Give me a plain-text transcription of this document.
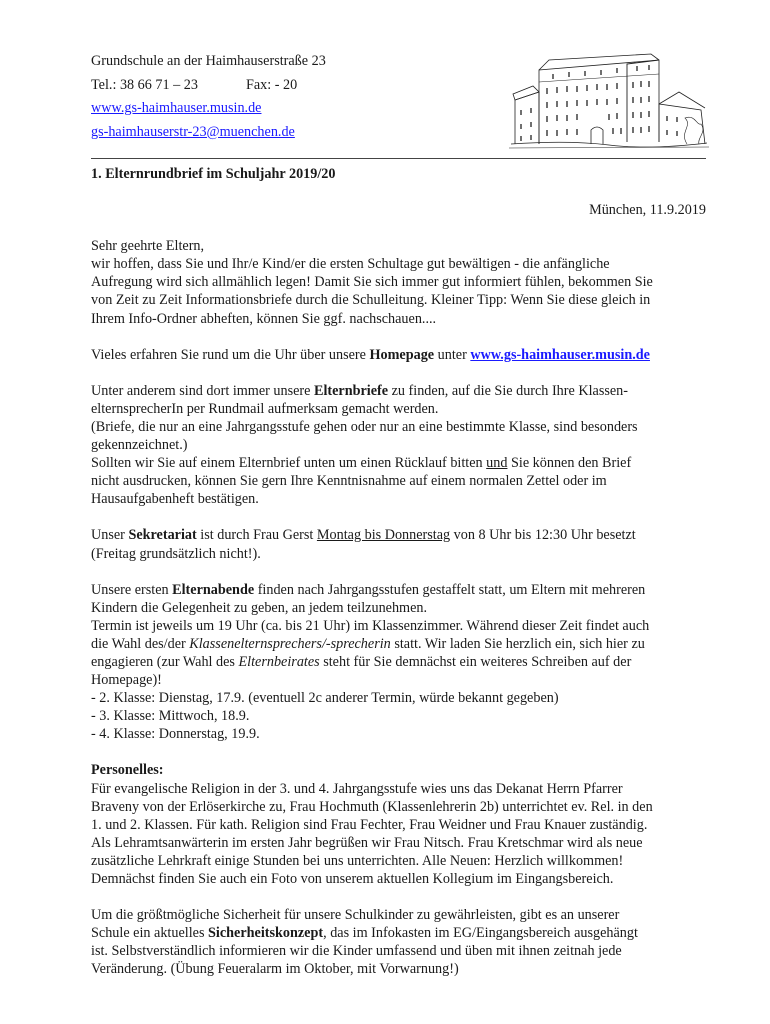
Grundschule an der Haimhauserstraße 23
Tel.: 38 66 71 – 23	Fax: - 20
www.gs-haimhauser.musin.de
gs-haimhauserstr-23@muenchen.de
1. Elternrundbrief im Schuljahr 2019/20
München, 11.9.2019

Sehr geehrte Eltern,

wir hoffen, dass Sie und Ihr/e Kind/er die ersten Schultage gut bewältigen - die anfängliche

Aufregung wird sich allmählich legen! Damit Sie sich immer gut informiert fühlen, bekommen Sie

von Zeit zu Zeit Informationsbriefe durch die Schulleitung. Kleiner Tipp: Wenn Sie diese gleich in

Ihrem Info-Ordner abheften, können Sie ggf. nachschauen....

Vieles erfahren Sie rund um die Uhr über unsere Homepage unter www.gs-haimhauser.musin.de

Unter anderem sind dort immer unsere Elternbriefe zu finden, auf die Sie durch Ihre Klassen-

elternsprecherIn per Rundmail aufmerksam gemacht werden.

(Briefe, die nur an eine Jahrgangsstufe gehen oder nur an eine bestimmte Klasse, sind besonders

gekennzeichnet.)

Sollten wir Sie auf einem Elternbrief unten um einen Rücklauf bitten und Sie können den Brief

nicht ausdrucken, können Sie gern Ihre Kenntnisnahme auf einem normalen Zettel oder im

Hausaufgabenheft bestätigen.

Unser Sekretariat ist durch Frau Gerst Montag bis Donnerstag von 8 Uhr bis 12:30 Uhr besetzt

(Freitag grundsätzlich nicht!).

Unsere ersten Elternabende finden nach Jahrgangsstufen gestaffelt statt, um Eltern mit mehreren

Kindern die Gelegenheit zu geben, an jedem teilzunehmen.

Termin ist jeweils um 19 Uhr (ca. bis 21 Uhr) im Klassenzimmer. Während dieser Zeit findet auch

die Wahl des/der Klassenelternsprechers/-sprecherin statt. Wir laden Sie herzlich ein, sich hier zu

engagieren (zur Wahl des Elternbeirates steht für Sie demnächst ein weiteres Schreiben auf der

Homepage)!

- 2. Klasse: Dienstag, 17.9. (eventuell 2c anderer Termin, würde bekannt gegeben)

- 3. Klasse: Mittwoch, 18.9.

- 4. Klasse: Donnerstag, 19.9.

Personelles:

Für evangelische Religion in der 3. und 4. Jahrgangsstufe wies uns das Dekanat Herrn Pfarrer

Braveny von der Erlöserkirche zu, Frau Hochmuth (Klassenlehrerin 2b) unterrichtet ev. Rel. in den

1. und 2. Klassen. Für kath. Religion sind Frau Fechter, Frau Weidner und Frau Knauer zuständig.

Als Lehramtsanwärterin im ersten Jahr begrüßen wir Frau Nitsch. Frau Kretschmar wird als neue

zusätzliche Lehrkraft einige Stunden bei uns unterrichten. Alle Neuen: Herzlich willkommen!

Demnächst finden Sie auch ein Foto von unserem aktuellen Kollegium im Eingangsbereich.

Um die größtmögliche Sicherheit für unsere Schulkinder zu gewährleisten, gibt es an unserer

Schule ein aktuelles Sicherheitskonzept, das im Infokasten im EG/Eingangsbereich ausgehängt

ist. Selbstverständlich informieren wir die Kinder umfassend und üben mit ihnen zeitnah jede

Veränderung. (Übung Feueralarm im Oktober, mit Vorwarnung!)
